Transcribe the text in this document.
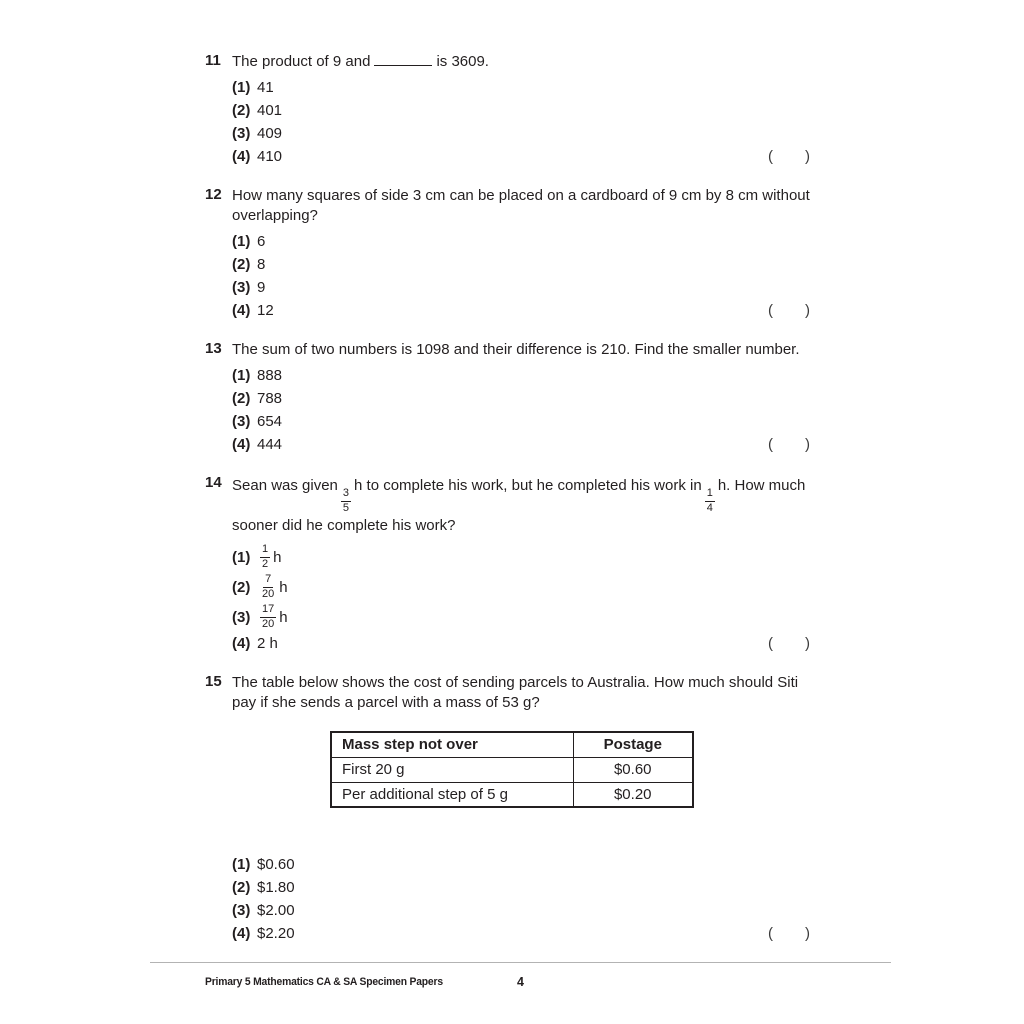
11 The product of 9 and	is 3609.
(1) 41
(2) 401
(3) 409
(4) 410	( )
12 How many squares of side 3 cm can be placed on a cardboard of 9 cm by 8 cm without overlapping?
(1) 6
(2) 8
(3) 9
(4) 12	( )
13 The sum of two numbers is 1098 and their difference is 210. Find the smaller number.
(1) 888
(2) 788
(3) 654
(4) 444	( )
14 Sean was given
$\frac{3}{5}$
h to complete his work, but he completed his work in
$\frac{1}{4}$
h. How much sooner did he complete his work?
$(1) \frac{1}{2}$ h
$(2) \frac{7}{20}$ h
$(3) \frac{17}{20}$ h
(4) 2 h	( )
15 The table below shows the cost of sending parcels to Australia. How much should Siti pay if she sends a parcel with a mass of 53 g?
Mass step not over	Postage
First 20 g	$0.60
Per additional step of 5 g	$0.20
(1) $0.60
(2) $1.80
(3) $2.00
(4) $2.20	( )
Primary 5 Mathematics CA & SA Specimen Papers	4
